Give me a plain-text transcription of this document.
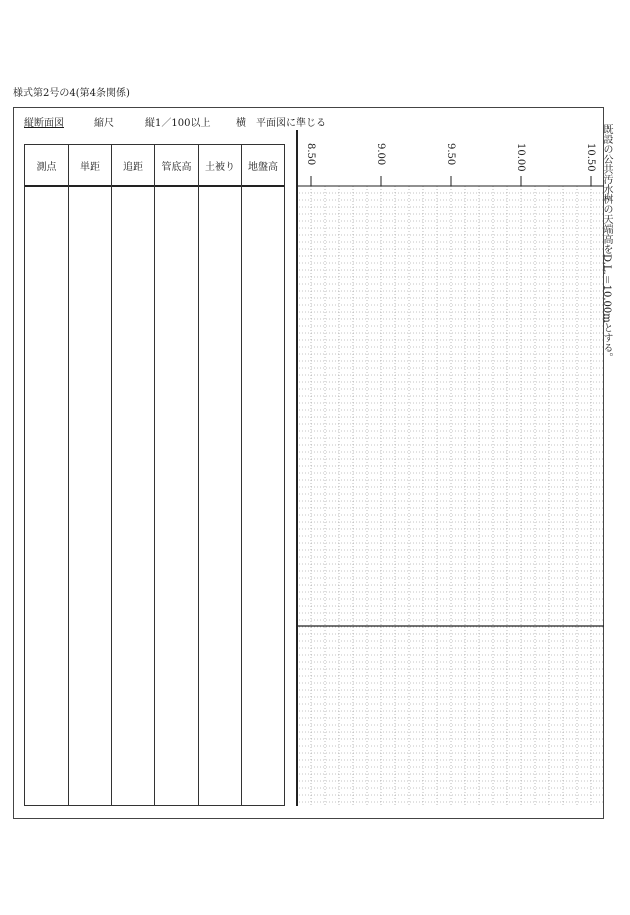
様式第2号の4(第4条関係)
縦断面図	縮尺	縦1／100以上	横　平面図に準じる
測点	単距	追距	管底高	土被り	地盤高
8.50	9.00	9.50	10.00	10.50 既設の公共汚水桝の天端高をD.L.＝10.00mとする。
